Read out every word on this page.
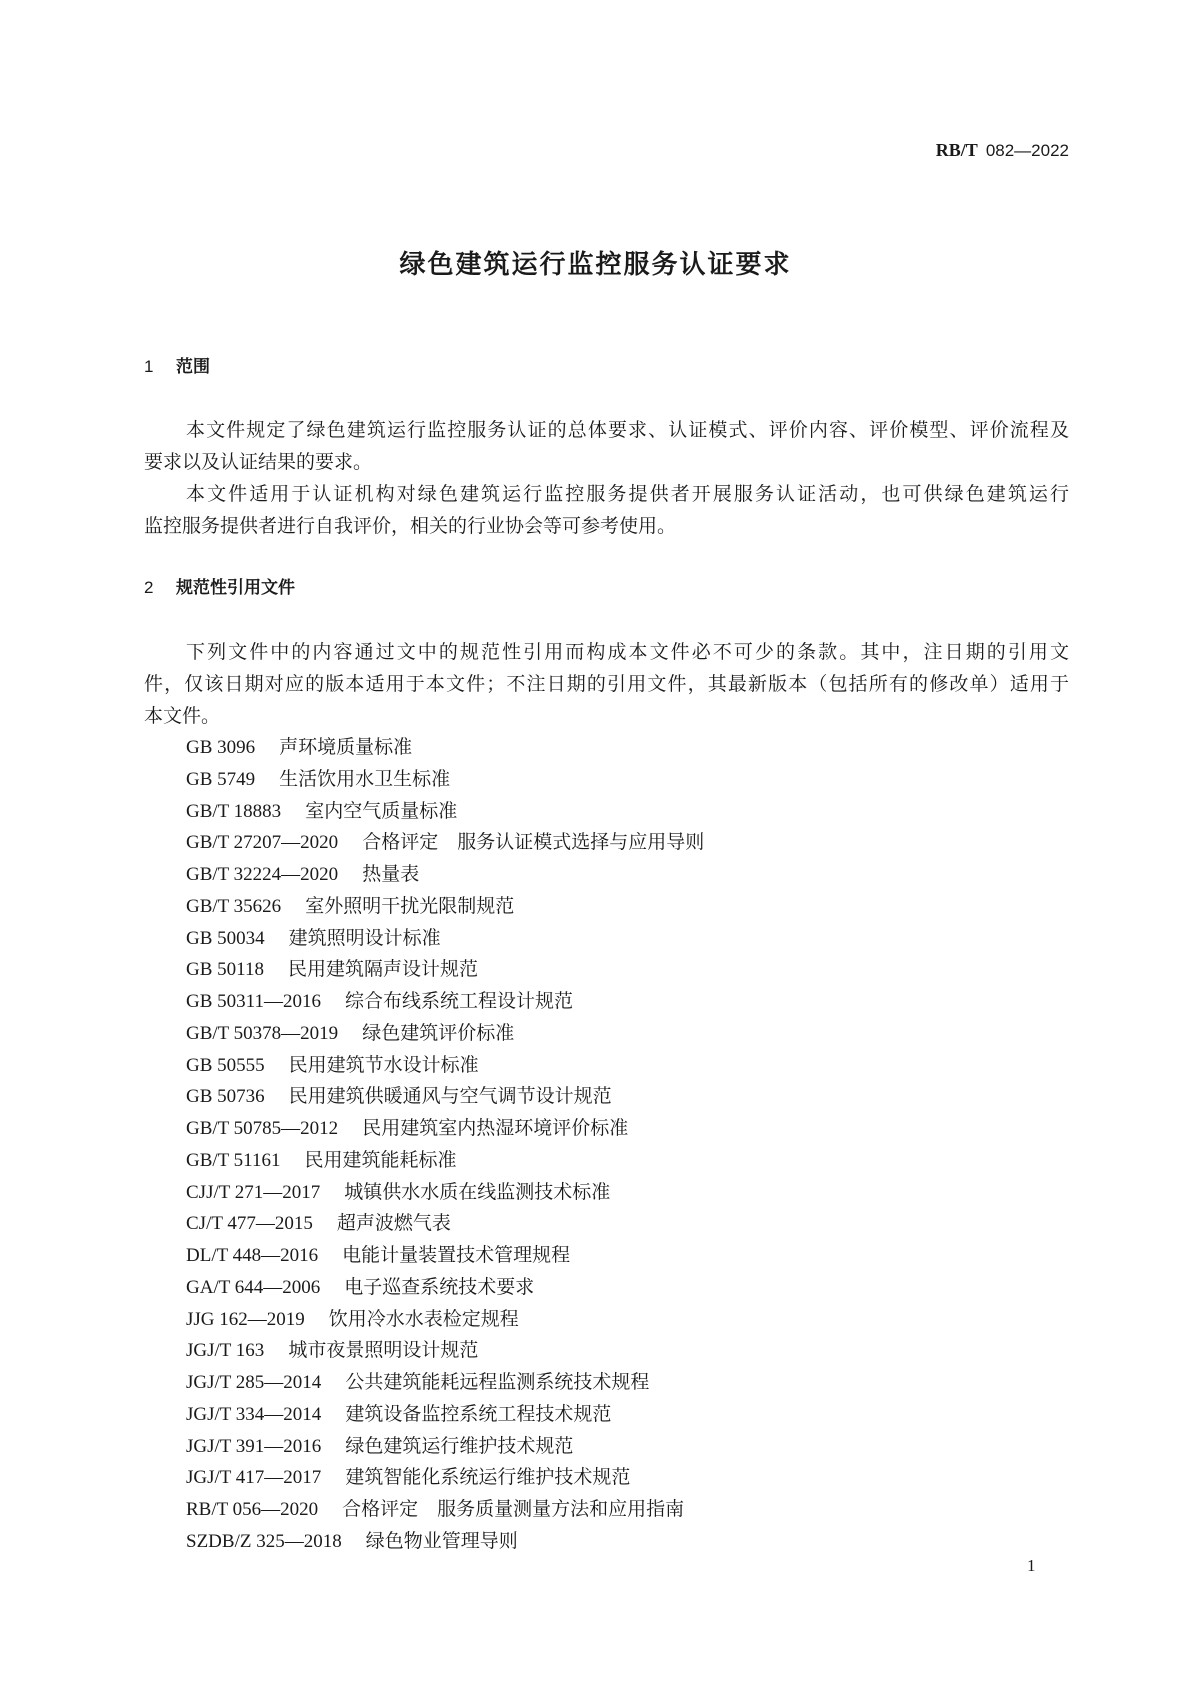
RB/T 082—2022
绿色建筑运行监控服务认证要求
1 范围
本文件规定了绿色建筑运行监控服务认证的总体要求、认证模式、评价内容、评价模型、评价流程及
要求以及认证结果的要求。
本文件适用于认证机构对绿色建筑运行监控服务提供者开展服务认证活动，也可供绿色建筑运行
监控服务提供者进行自我评价，相关的行业协会等可参考使用。
2 规范性引用文件
下列文件中的内容通过文中的规范性引用而构成本文件必不可少的条款。其中，注日期的引用文
件，仅该日期对应的版本适用于本文件；不注日期的引用文件，其最新版本（包括所有的修改单）适用于
本文件。
GB 3096 声环境质量标准
GB 5749 生活饮用水卫生标准
GB/T 18883 室内空气质量标准
GB/T 27207—2020 合格评定　服务认证模式选择与应用导则
GB/T 32224—2020 热量表
GB/T 35626 室外照明干扰光限制规范
GB 50034 建筑照明设计标准
GB 50118 民用建筑隔声设计规范
GB 50311—2016 综合布线系统工程设计规范
GB/T 50378—2019 绿色建筑评价标准
GB 50555 民用建筑节水设计标准
GB 50736 民用建筑供暖通风与空气调节设计规范
GB/T 50785—2012 民用建筑室内热湿环境评价标准
GB/T 51161 民用建筑能耗标准
CJJ/T 271—2017 城镇供水水质在线监测技术标准
CJ/T 477—2015 超声波燃气表
DL/T 448—2016 电能计量装置技术管理规程
GA/T 644—2006 电子巡查系统技术要求
JJG 162—2019 饮用冷水水表检定规程
JGJ/T 163 城市夜景照明设计规范
JGJ/T 285—2014 公共建筑能耗远程监测系统技术规程
JGJ/T 334—2014 建筑设备监控系统工程技术规范
JGJ/T 391—2016 绿色建筑运行维护技术规范
JGJ/T 417—2017 建筑智能化系统运行维护技术规范
RB/T 056—2020 合格评定　服务质量测量方法和应用指南
SZDB/Z 325—2018 绿色物业管理导则
1
